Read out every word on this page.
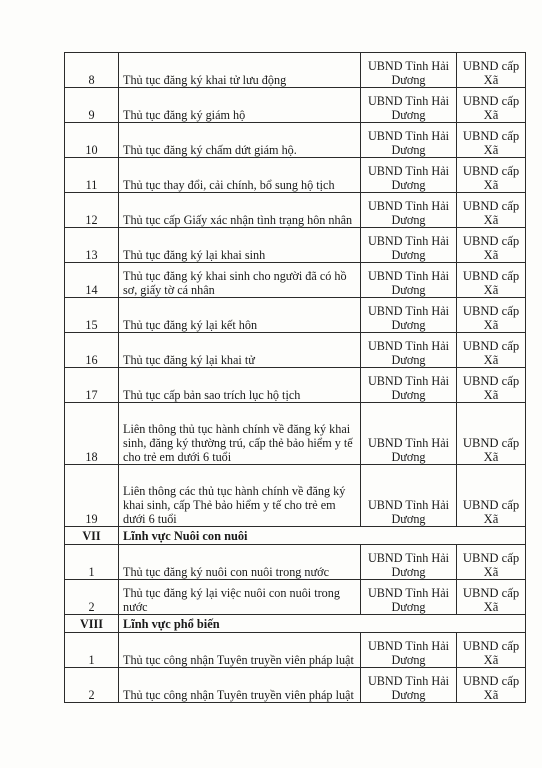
8	Thủ tục đăng ký khai tử lưu động	UBND Tỉnh Hải Dương	UBND cấp Xã
9	Thủ tục đăng ký giám hộ	UBND Tỉnh Hải Dương	UBND cấp Xã
10	Thủ tục đăng ký chấm dứt giám hộ.	UBND Tỉnh Hải Dương	UBND cấp Xã
11	Thủ tục thay đổi, cải chính, bổ sung hộ tịch	UBND Tỉnh Hải Dương	UBND cấp Xã
12	Thủ tục cấp Giấy xác nhận tình trạng hôn nhân	UBND Tỉnh Hải Dương	UBND cấp Xã
13	Thủ tục đăng ký lại khai sinh	UBND Tỉnh Hải Dương	UBND cấp Xã
14	Thủ tục đăng ký khai sinh cho người đã có hồ sơ, giấy tờ cá nhân	UBND Tỉnh Hải Dương	UBND cấp Xã
15	Thủ tục đăng ký lại kết hôn	UBND Tỉnh Hải Dương	UBND cấp Xã
16	Thủ tục đăng ký lại khai tử	UBND Tỉnh Hải Dương	UBND cấp Xã
17	Thủ tục cấp bản sao trích lục hộ tịch	UBND Tỉnh Hải Dương	UBND cấp Xã
18	Liên thông thủ tục hành chính về đăng ký khai sinh, đăng ký thường trú, cấp thẻ bảo hiểm y tế cho trẻ em dưới 6 tuổi	UBND Tỉnh Hải Dương	UBND cấp Xã
19	Liên thông các thủ tục hành chính về đăng ký khai sinh, cấp Thẻ bảo hiểm y tế cho trẻ em dưới 6 tuổi	UBND Tỉnh Hải Dương	UBND cấp Xã
VII	Lĩnh vực Nuôi con nuôi		
1	Thủ tục đăng ký nuôi con nuôi trong nước	UBND Tỉnh Hải Dương	UBND cấp Xã
2	Thủ tục đăng ký lại việc nuôi con nuôi trong nước	UBND Tỉnh Hải Dương	UBND cấp Xã
VIII	Lĩnh vực phổ biến		
1	Thủ tục công nhận Tuyên truyền viên pháp luật	UBND Tỉnh Hải Dương	UBND cấp Xã
2	Thủ tục công nhận Tuyên truyền viên pháp luật	UBND Tỉnh Hải Dương	UBND cấp Xã
